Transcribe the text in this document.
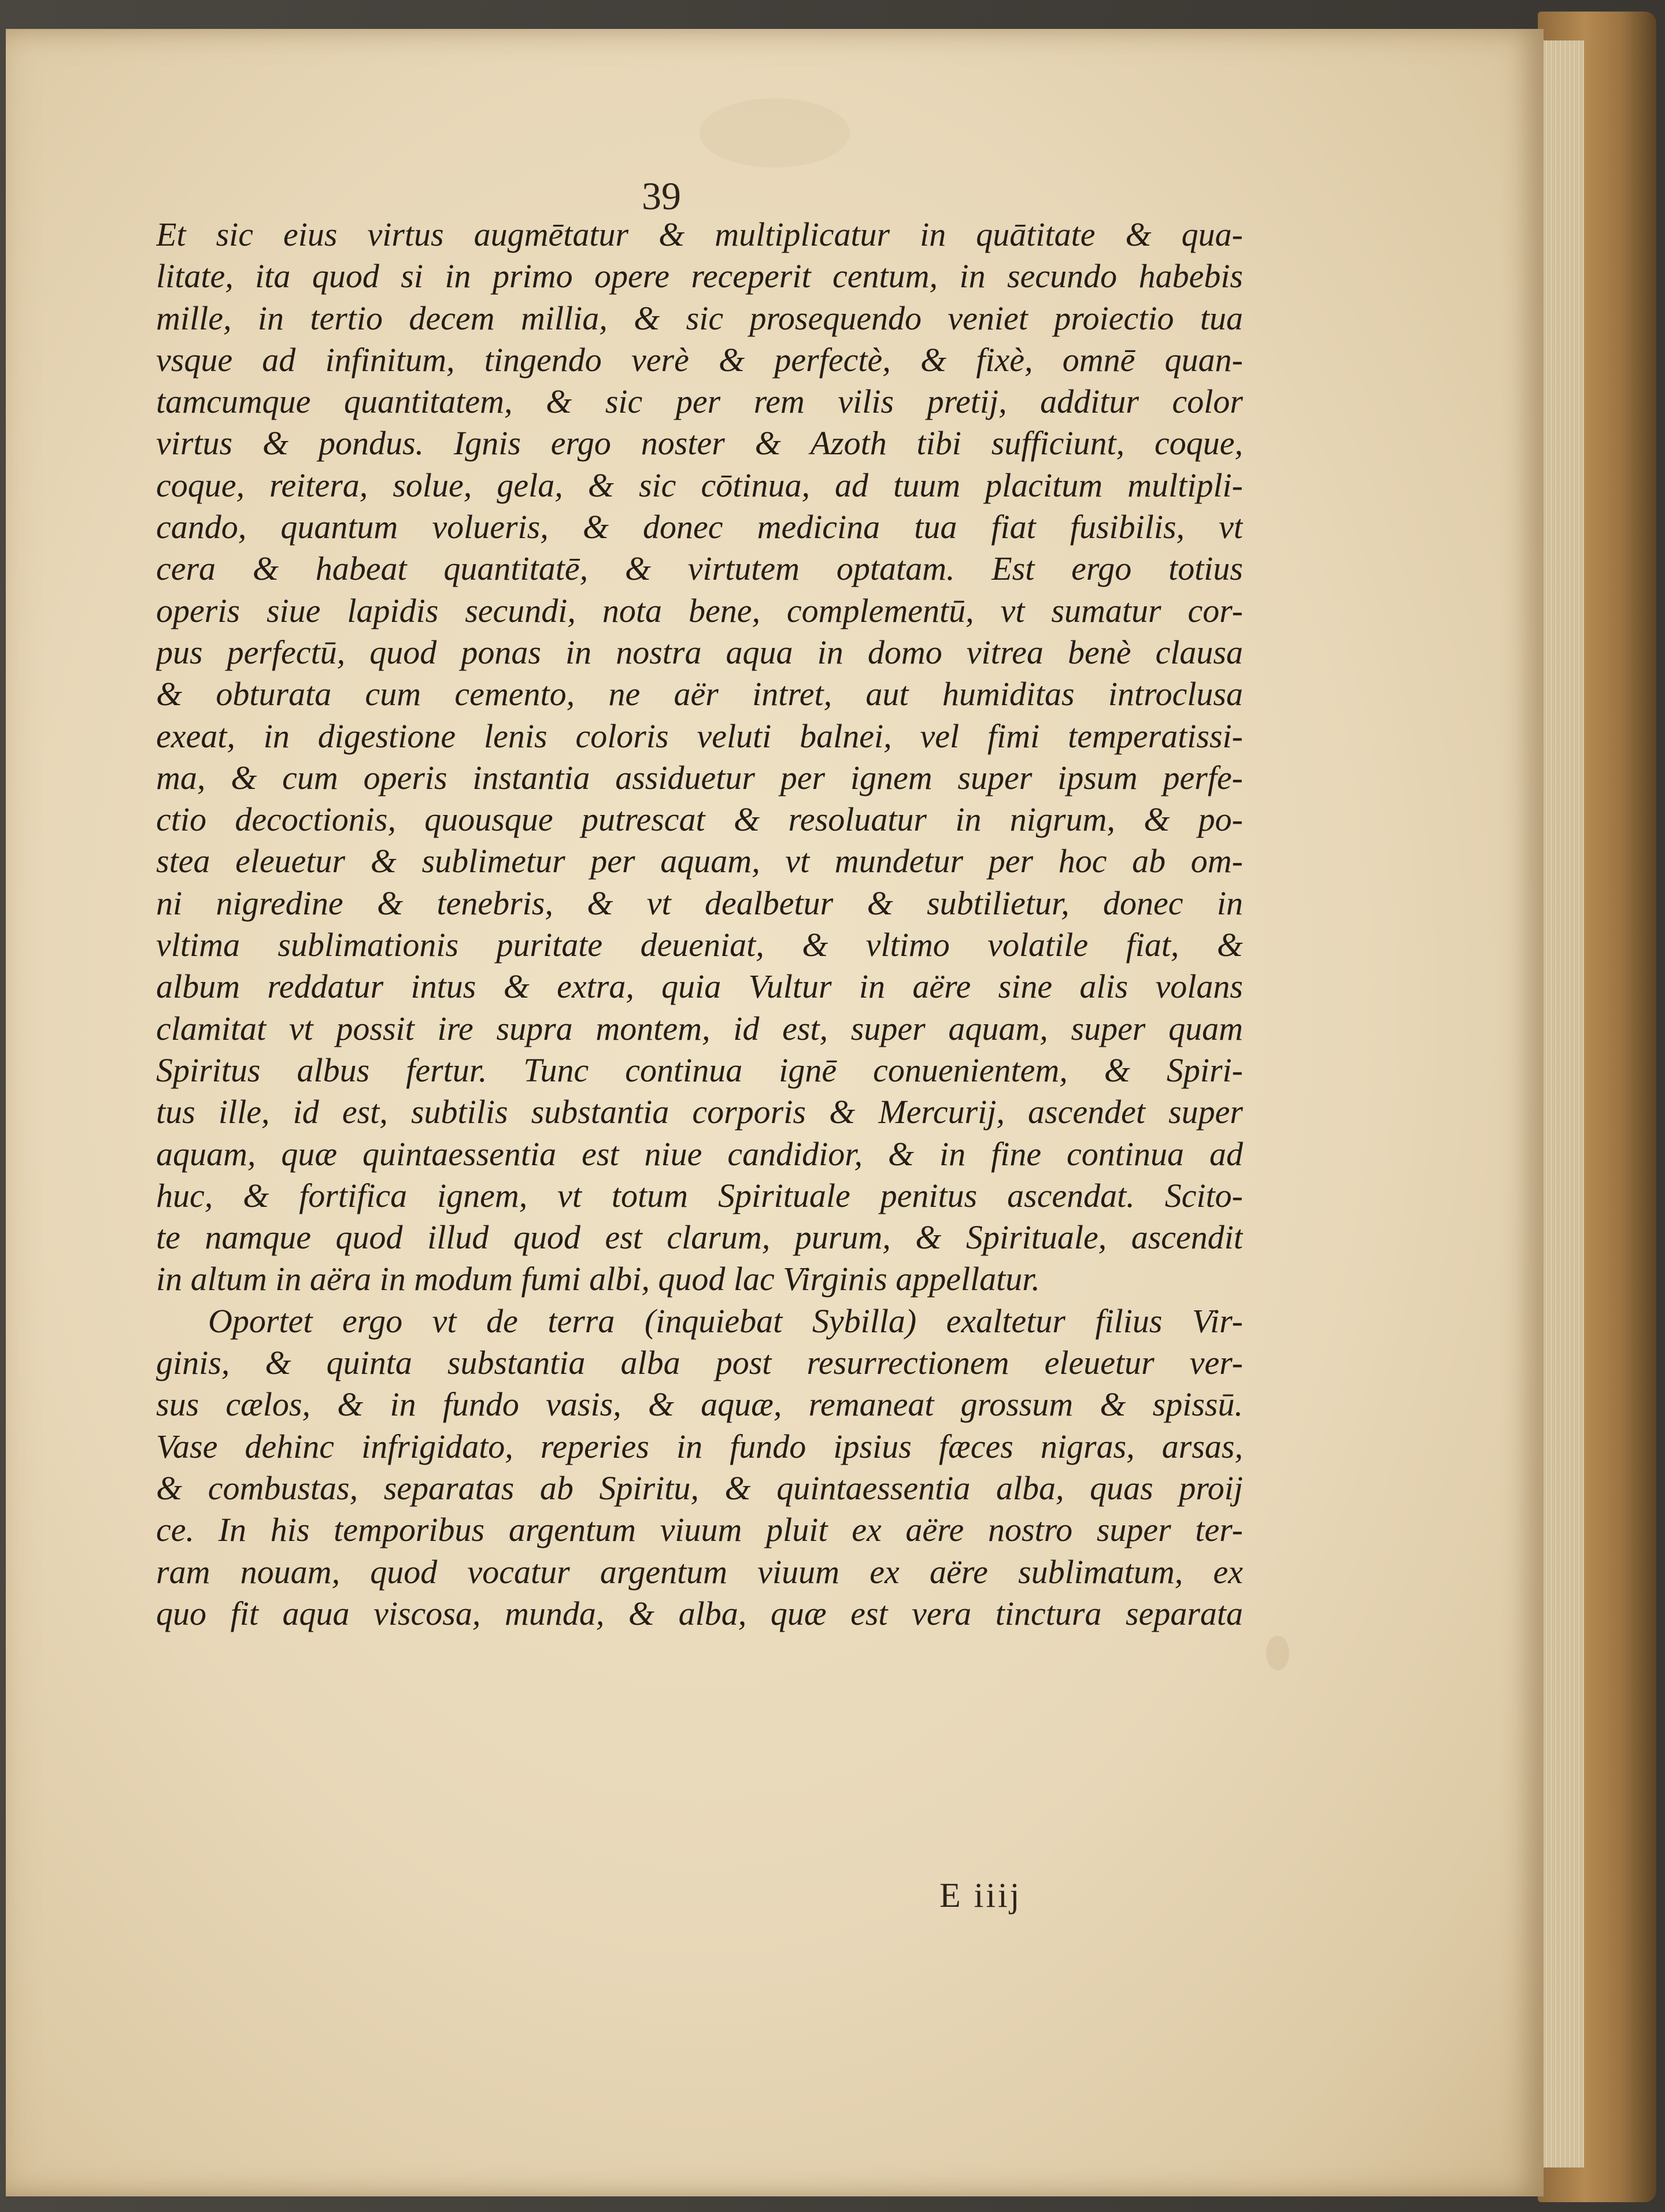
39
Et sic eius virtus augmētatur & multiplicatur in quātitate & qua-
litate, ita quod si in primo opere receperit centum, in secundo habebis
mille, in tertio decem millia, & sic prosequendo veniet proiectio tua
vsque ad infinitum, tingendo verè & perfectè, & fixè, omnē quan-
tamcumque quantitatem, & sic per rem vilis pretij, additur color
virtus & pondus. Ignis ergo noster & Azoth tibi sufficiunt, coque,
coque, reitera, solue, gela, & sic cōtinua, ad tuum placitum multipli-
cando, quantum volueris, & donec medicina tua fiat fusibilis, vt
cera & habeat quantitatē, & virtutem optatam. Est ergo totius
operis siue lapidis secundi, nota bene, complementū, vt sumatur cor-
pus perfectū, quod ponas in nostra aqua in domo vitrea benè clausa
& obturata cum cemento, ne aër intret, aut humiditas introclusa
exeat, in digestione lenis coloris veluti balnei, vel fimi temperatissi-
ma, & cum operis instantia assiduetur per ignem super ipsum perfe-
ctio decoctionis, quousque putrescat & resoluatur in nigrum, & po-
stea eleuetur & sublimetur per aquam, vt mundetur per hoc ab om-
ni nigredine & tenebris, & vt dealbetur & subtilietur, donec in
vltima sublimationis puritate deueniat, & vltimo volatile fiat, &
album reddatur intus & extra, quia Vultur in aëre sine alis volans
clamitat vt possit ire supra montem, id est, super aquam, super quam
Spiritus albus fertur. Tunc continua ignē conuenientem, & Spiri-
tus ille, id est, subtilis substantia corporis & Mercurij, ascendet super
aquam, quæ quintaessentia est niue candidior, & in fine continua ad
huc, & fortifica ignem, vt totum Spirituale penitus ascendat. Scito-
te namque quod illud quod est clarum, purum, & Spirituale, ascendit
in altum in aëra in modum fumi albi, quod lac Virginis appellatur.
Oportet ergo vt de terra (inquiebat Sybilla) exaltetur filius Vir-
ginis, & quinta substantia alba post resurrectionem eleuetur ver-
sus cælos, & in fundo vasis, & aquæ, remaneat grossum & spissū.
Vase dehinc infrigidato, reperies in fundo ipsius fæces nigras, arsas,
& combustas, separatas ab Spiritu, & quintaessentia alba, quas proij
ce. In his temporibus argentum viuum pluit ex aëre nostro super ter-
ram nouam, quod vocatur argentum viuum ex aëre sublimatum, ex
quo fit aqua viscosa, munda, & alba, quæ est vera tinctura separata
E iiij
